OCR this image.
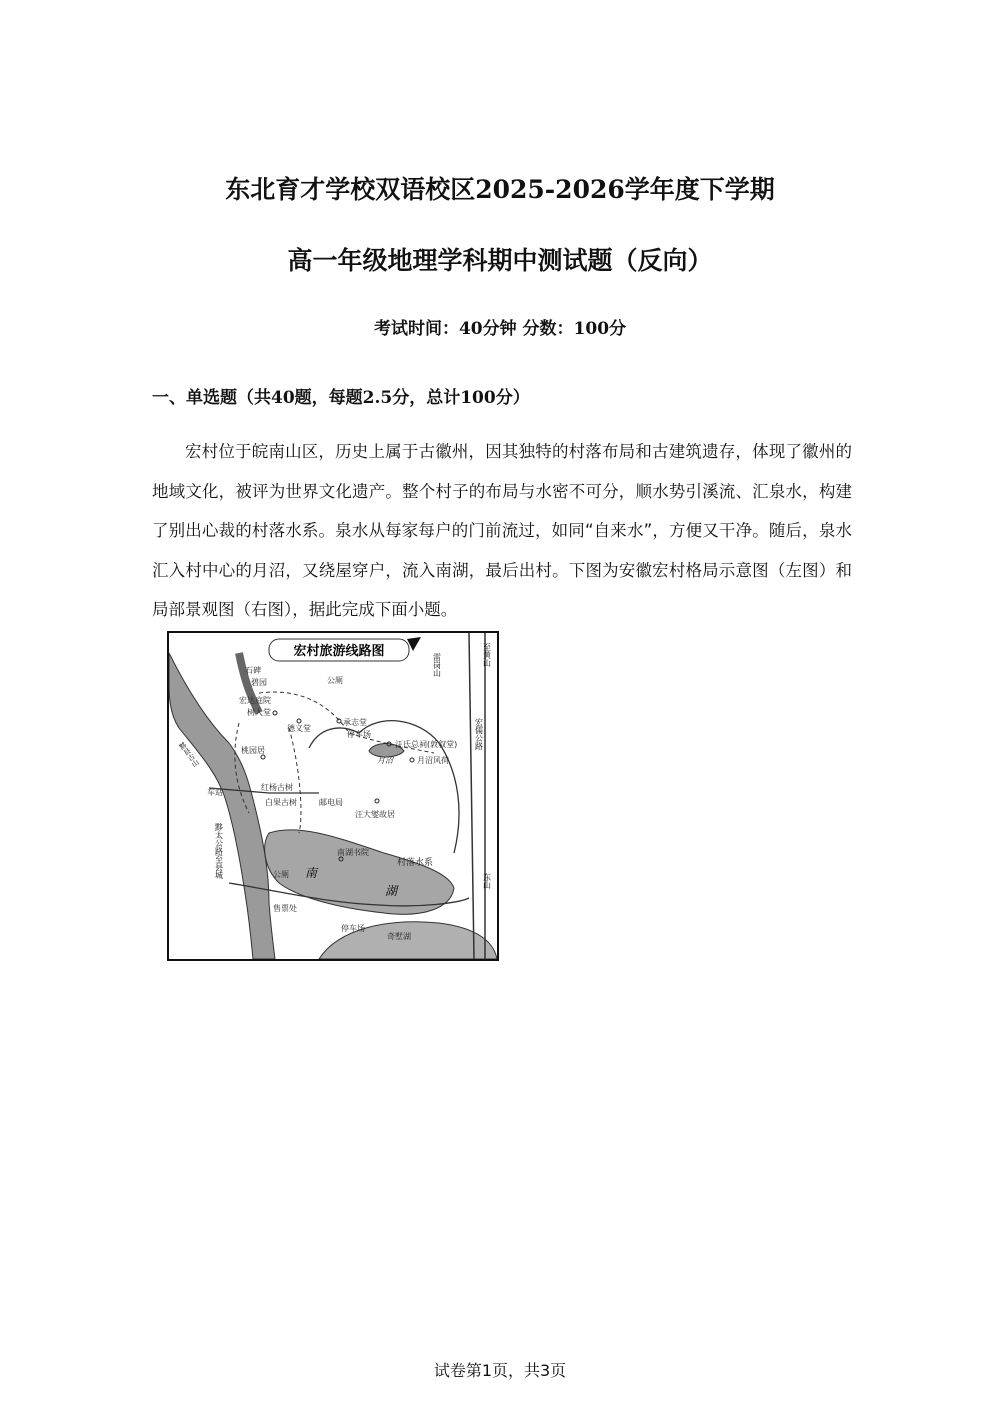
东北育才学校双语校区2025-2026学年度下学期
高一年级地理学科期中测试题（反向）
考试时间：40分钟 分数：100分
一、单选题（共40题，每题2.5分，总计100分）

宏村位于皖南山区，历史上属于古徽州，因其独特的村落布局和古建筑遗存，体现了徽州的地域文化，被评为世界文化遗产。整个村子的布局与水密不可分，顺水势引溪流、汇泉水，构建了别出心裁的村落水系。泉水从每家每户的门前流过，如同“自来水”，方便又干净。随后，泉水汇入村中心的月沼，又绕屋穿户，流入南湖，最后出村。下图为安徽宏村格局示意图（左图）和局部景观图（右图），据此完成下面小题。

宏村旅游线路图
石碑
碧园	公厕
宏达庭院
树人堂
德义堂
承志堂
停车场
汪氏总祠(敦叙堂)
月沼	月沼风荷
桃园居
红杨古树
白果古树	邮电局
汪大燮故居
车站
南湖书院
村落水系
公厕
售票处
停车场
奇墅湖
南
湖
雷岗山	至黄山
宏儒公路
东山
黟太公路至县城
黟县古山
试卷第1页，共3页
